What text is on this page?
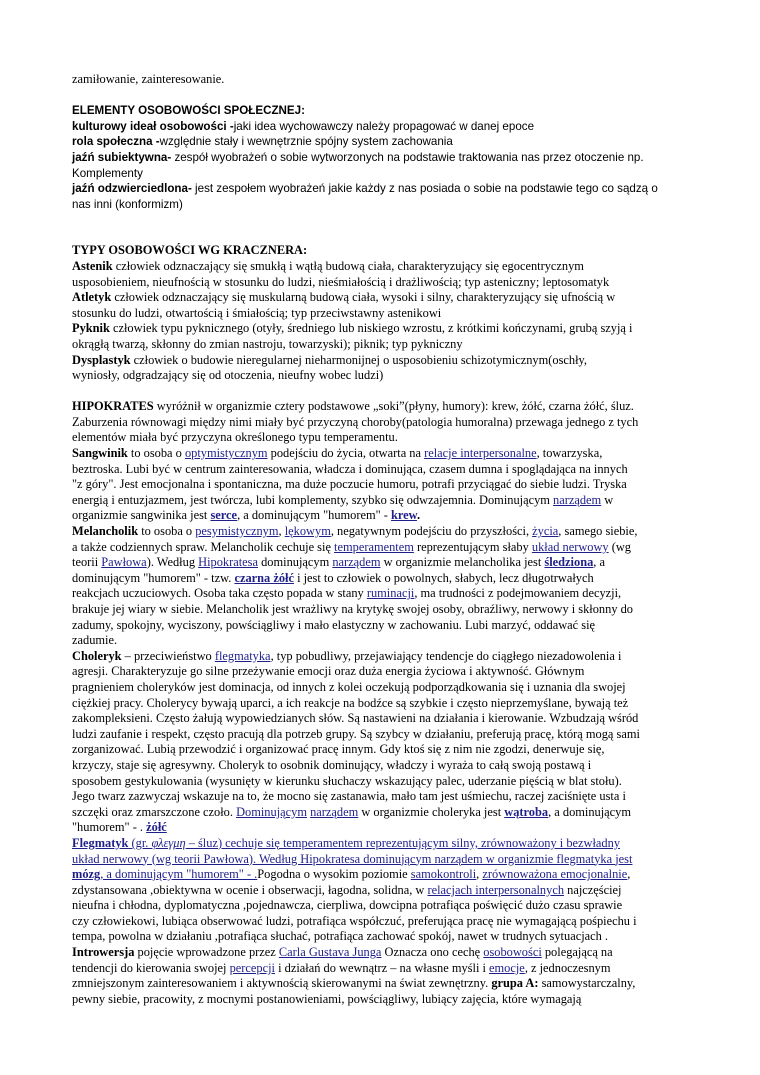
zamiłowanie, zainteresowanie.
ELEMENTY OSOBOWOŚCI SPOŁECZNEJ:
kulturowy ideał osobowości -jaki idea wychowawczy należy propagować w danej epoce
rola społeczna -względnie stały i wewnętrznie spójny system zachowania
jaźń subiektywna- zespół wyobrażeń o sobie wytworzonych na podstawie traktowania nas przez otoczenie np.
Komplementy
jaźń odzwierciedlona- jest zespołem wyobrażeń jakie każdy z nas posiada o sobie na podstawie tego co sądzą o
nas inni (konformizm)
TYPY OSOBOWOŚCI WG KRACZNERA:
Astenik człowiek odznaczający się smukłą i wątłą budową ciała, charakteryzujący się egocentrycznym
usposobieniem, nieufnością w stosunku do ludzi, nieśmiałością i drażliwością; typ asteniczny; leptosomatyk
Atletyk człowiek odznaczający się muskularną budową ciała, wysoki i silny, charakteryzujący się ufnością w
stosunku do ludzi, otwartością i śmiałością; typ przeciwstawny astenikowi
Pyknik człowiek typu pyknicznego (otyły, średniego lub niskiego wzrostu, z krótkimi kończynami, grubą szyją i
okrągłą twarzą, skłonny do zmian nastroju, towarzyski); piknik; typ pykniczny
Dysplastyk człowiek o budowie nieregularnej nieharmonijnej o usposobieniu schizotymicznym(oschły,
wyniosły, odgradzający się od otoczenia, nieufny wobec ludzi)
HIPOKRATES wyróżnił w organizmie cztery podstawowe „soki”(płyny, humory): krew, żółć, czarna żółć, śluz.
Zaburzenia równowagi między nimi miały być przyczyną choroby(patologia humoralna) przewaga jednego z tych
elementów miała być przyczyna określonego typu temperamentu.
Sangwinik to osoba o optymistycznym podejściu do życia, otwarta na relacje interpersonalne, towarzyska,
beztroska. Lubi być w centrum zainteresowania, władcza i dominująca, czasem dumna i spoglądająca na innych
"z góry". Jest emocjonalna i spontaniczna, ma duże poczucie humoru, potrafi przyciągać do siebie ludzi. Tryska
energią i entuzjazmem, jest twórcza, lubi komplementy, szybko się odwzajemnia. Dominującym narządem w
organizmie sangwinika jest serce, a dominującym "humorem" - krew.
Melancholik to osoba o pesymistycznym, lękowym, negatywnym podejściu do przyszłości, życia, samego siebie,
a także codziennych spraw. Melancholik cechuje się temperamentem reprezentującym słaby układ nerwowy (wg
teorii Pawłowa). Według Hipokratesa dominującym narządem w organizmie melancholika jest śledziona, a
dominującym "humorem" - tzw. czarna żółć i jest to człowiek o powolnych, słabych, lecz długotrwałych
reakcjach uczuciowych. Osoba taka często popada w stany ruminacji, ma trudności z podejmowaniem decyzji,
brakuje jej wiary w siebie. Melancholik jest wrażliwy na krytykę swojej osoby, obraźliwy, nerwowy i skłonny do
zadumy, spokojny, wyciszony, powściągliwy i mało elastyczny w zachowaniu. Lubi marzyć, oddawać się
zadumie.
Choleryk – przeciwieństwo flegmatyka, typ pobudliwy, przejawiający tendencje do ciągłego niezadowolenia i
agresji. Charakteryzuje go silne przeżywanie emocji oraz duża energia życiowa i aktywność. Głównym
pragnieniem choleryków jest dominacja, od innych z kolei oczekują podporządkowania się i uznania dla swojej
ciężkiej pracy. Cholerycy bywają uparci, a ich reakcje na bodźce są szybkie i często nieprzemyślane, bywają też
zakompleksieni. Często żałują wypowiedzianych słów. Są nastawieni na działania i kierowanie. Wzbudzają wśród
ludzi zaufanie i respekt, często pracują dla potrzeb grupy. Są szybcy w działaniu, preferują pracę, którą mogą sami
zorganizować. Lubią przewodzić i organizować pracę innym. Gdy ktoś się z nim nie zgodzi, denerwuje się,
krzyczy, staje się agresywny. Choleryk to osobnik dominujący, władczy i wyraża to całą swoją postawą i
sposobem gestykulowania (wysunięty w kierunku słuchaczy wskazujący palec, uderzanie pięścią w blat stołu).
Jego twarz zazwyczaj wskazuje na to, że mocno się zastanawia, mało tam jest uśmiechu, raczej zaciśnięte usta i
szczęki oraz zmarszczone czoło. Dominującym narządem w organizmie choleryka jest wątroba, a dominującym
"humorem" - . żółć
Flegmatyk (gr. φλεγμη – śluz) cechuje się temperamentem reprezentującym silny, zrównoważony i bezwładny
układ nerwowy (wg teorii Pawłowa). Według Hipokratesa dominującym narządem w organizmie flegmatyka jest
mózg, a dominującym "humorem" - .Pogodna o wysokim poziomie samokontroli, zrównoważona emocjonalnie,
zdystansowana ,obiektywna w ocenie i obserwacji, łagodna, solidna, w relacjach interpersonalnych najczęściej
nieufna i chłodna, dyplomatyczna ,pojednawcza, cierpliwa, dowcipna potrafiąca poświęcić dużo czasu sprawie
czy człowiekowi, lubiąca obserwować ludzi, potrafiąca współczuć, preferująca pracę nie wymagającą pośpiechu i
tempa, powolna w działaniu ,potrafiąca słuchać, potrafiąca zachować spokój, nawet w trudnych sytuacjach .
Introwersja pojęcie wprowadzone przez Carla Gustava Junga Oznacza ono cechę osobowości polegającą na
tendencji do kierowania swojej percepcji i działań do wewnątrz – na własne myśli i emocje, z jednoczesnym
zmniejszonym zainteresowaniem i aktywnością skierowanymi na świat zewnętrzny. grupa A: samowystarczalny,
pewny siebie, pracowity, z mocnymi postanowieniami, powściągliwy, lubiący zajęcia, które wymagają
